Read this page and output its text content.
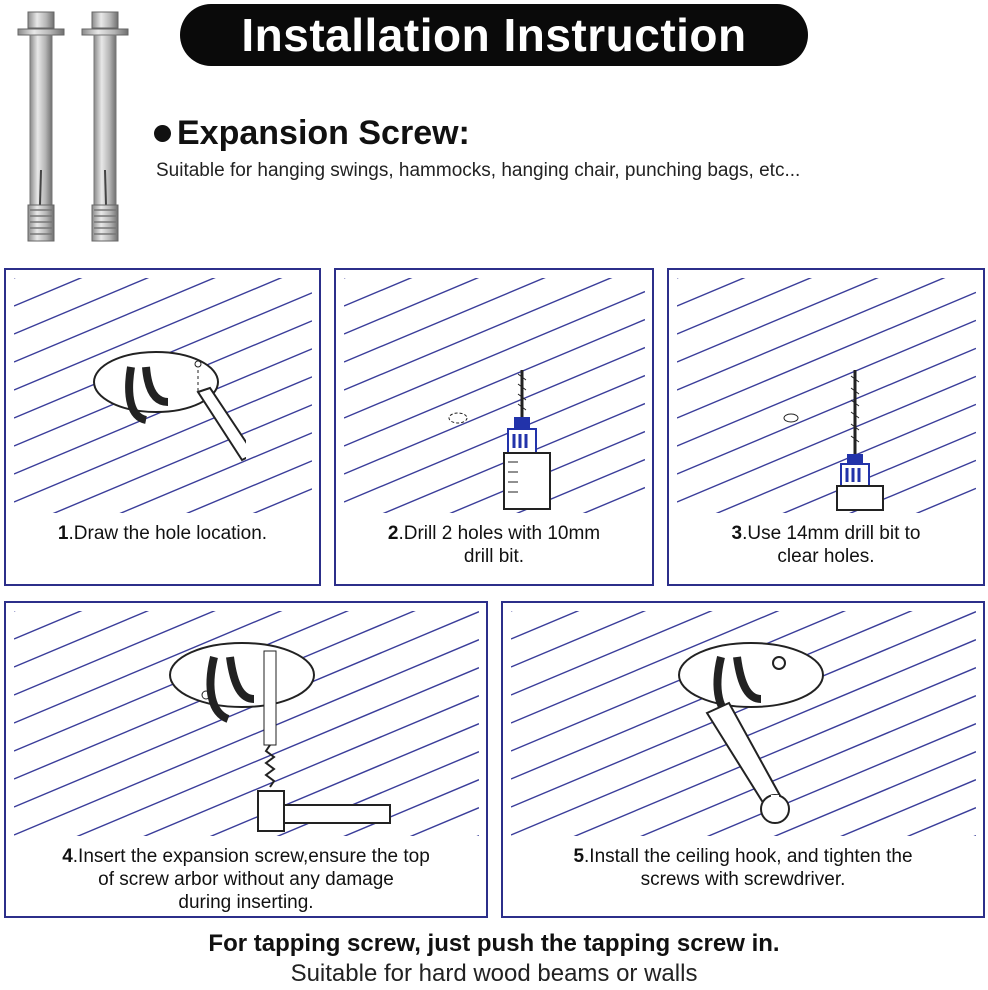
Installation Instruction
Expansion Screw:
Suitable for hanging swings, hammocks, hanging chair, punching bags, etc...
1.Draw the hole location.	2.Drill 2 holes with 10mm
drill bit.
3.Use 14mm drill bit to
clear holes.
4.Insert the expansion screw,ensure the top
of screw arbor without any damage
during inserting.
5.Install the ceiling hook, and tighten the
screws with screwdriver.
For tapping screw, just push the tapping screw in.
Suitable for hard wood beams or walls
